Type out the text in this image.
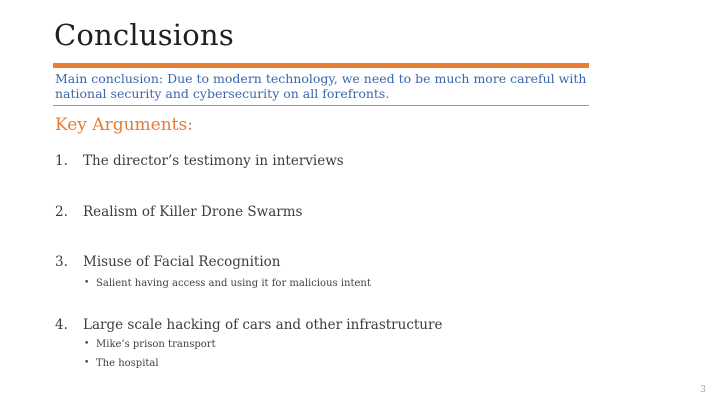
Conclusions
Main conclusion: Due to modern technology, we need to be much more careful with
national security and cybersecurity on all forefronts.
Key Arguments:
1.	The director’s testimony in interviews
2.	Realism of Killer Drone Swarms
3.	Misuse of Facial Recognition
• Salient having access and using it for malicious intent
4.	Large scale hacking of cars and other infrastructure
• Mike’s prison transport
• The hospital
3
